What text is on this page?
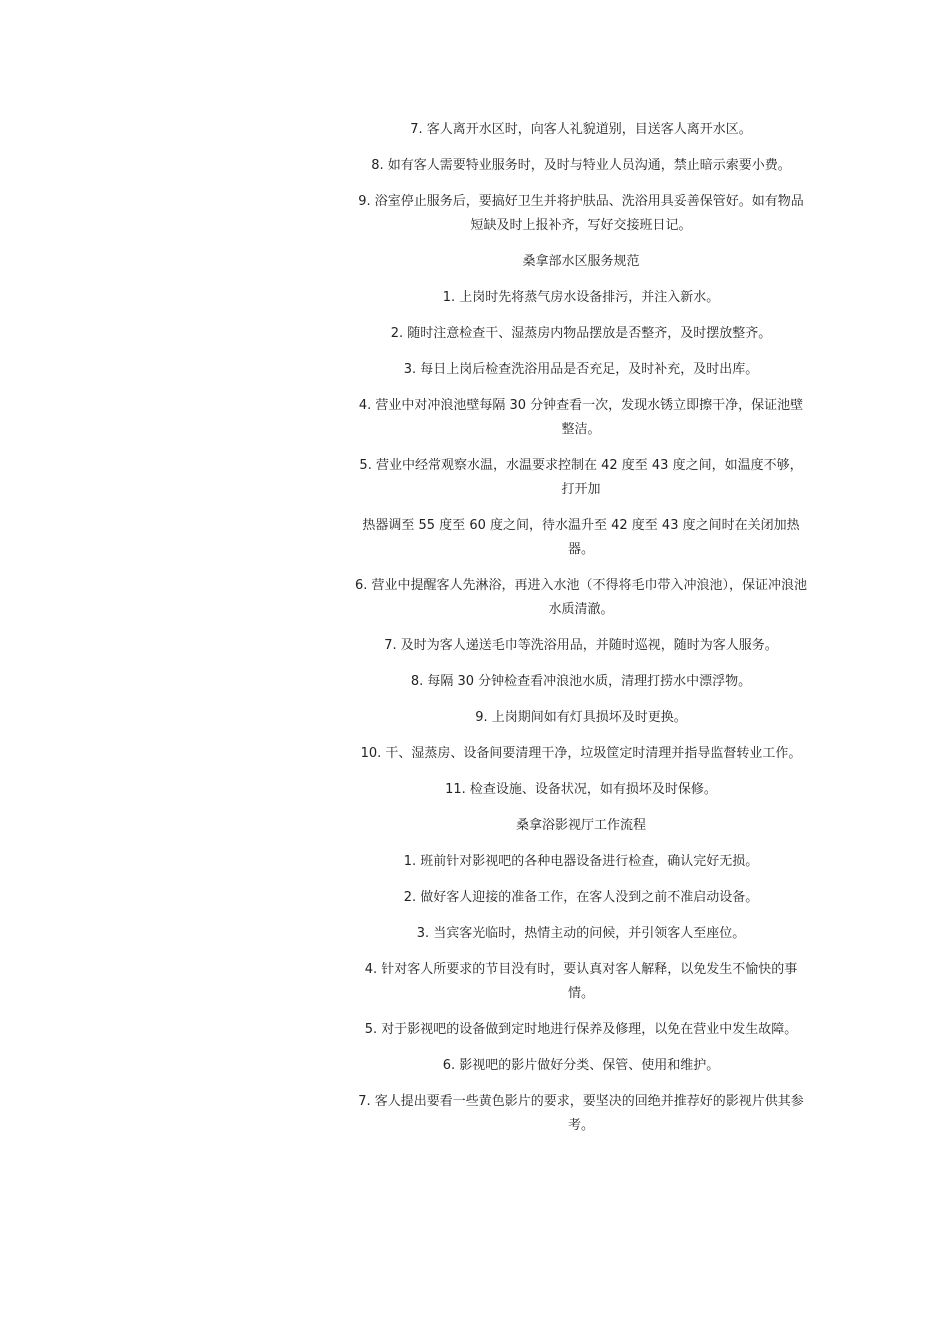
7. 客人离开水区时，向客人礼貌道别，目送客人离开水区。

8. 如有客人需要特业服务时，及时与特业人员沟通，禁止暗示索要小费。

9. 浴室停止服务后，要搞好卫生并将护肤品、洗浴用具妥善保管好。如有物品短缺及时上报补齐，写好交接班日记。

桑拿部水区服务规范

1. 上岗时先将蒸气房水设备排污，并注入新水。

2. 随时注意检查干、湿蒸房内物品摆放是否整齐，及时摆放整齐。

3. 每日上岗后检查洗浴用品是否充足，及时补充，及时出库。

4. 营业中对冲浪池壁每隔 30 分钟查看一次，发现水锈立即擦干净，保证池壁整洁。

5. 营业中经常观察水温，水温要求控制在 42 度至 43 度之间，如温度不够，打开加

热器调至 55 度至 60 度之间，待水温升至 42 度至 43 度之间时在关闭加热器。

6. 营业中提醒客人先淋浴，再进入水池（不得将毛巾带入冲浪池），保证冲浪池水质清澈。

7. 及时为客人递送毛巾等洗浴用品，并随时巡视，随时为客人服务。

8. 每隔 30 分钟检查看冲浪池水质，清理打捞水中漂浮物。

9. 上岗期间如有灯具损坏及时更换。

10. 干、湿蒸房、设备间要清理干净，垃圾筐定时清理并指导监督转业工作。

11. 检查设施、设备状况，如有损坏及时保修。

桑拿浴影视厅工作流程

1. 班前针对影视吧的各种电器设备进行检查，确认完好无损。

2. 做好客人迎接的准备工作，在客人没到之前不准启动设备。

3. 当宾客光临时，热情主动的问候，并引领客人至座位。

4. 针对客人所要求的节目没有时，要认真对客人解释，以免发生不愉快的事情。

5. 对于影视吧的设备做到定时地进行保养及修理，以免在营业中发生故障。

6. 影视吧的影片做好分类、保管、使用和维护。

7. 客人提出要看一些黄色影片的要求，要坚决的回绝并推荐好的影视片供其参考。
